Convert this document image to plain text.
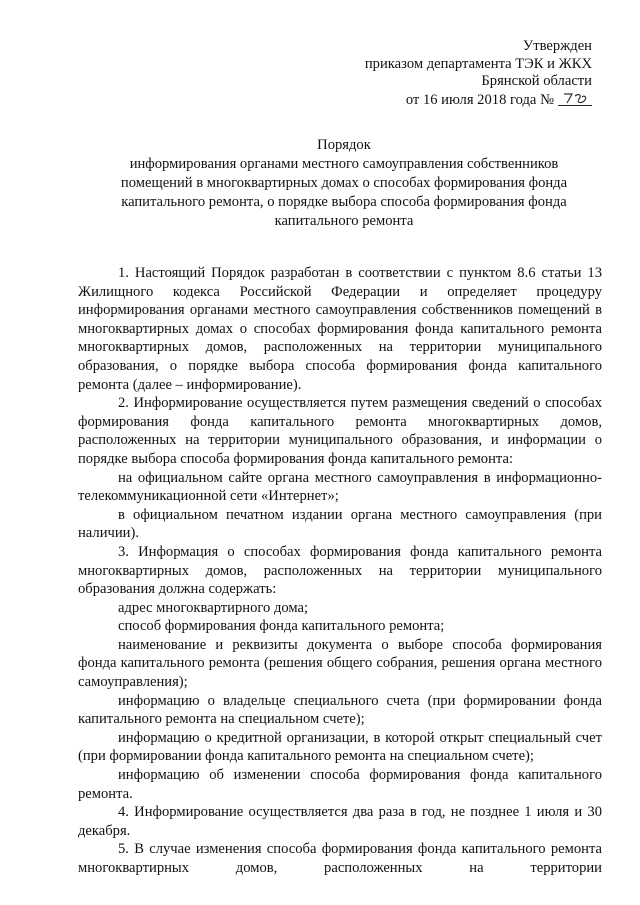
Утвержден
приказом департамента ТЭК и ЖКХ
Брянской области
от 16 июля 2018 года №
Порядок
информирования органами местного самоуправления собственников
помещений в многоквартирных домах о способах формирования фонда
капитального ремонта, о порядке выбора способа формирования фонда
капитального ремонта

1. Настоящий Порядок разработан в соответствии с пунктом 8.6 статьи 13 Жилищного кодекса Российской Федерации и определяет процедуру информирования органами местного самоуправления собственников помещений в многоквартирных домах о способах формирования фонда капитального ремонта многоквартирных домов, расположенных на территории муниципального образования, о порядке выбора способа формирования фонда капитального ремонта (далее – информирование).

2. Информирование осуществляется путем размещения сведений о способах формирования фонда капитального ремонта многоквартирных домов, расположенных на территории муниципального образования, и информации о порядке выбора способа формирования фонда капитального ремонта:

на официальном сайте органа местного самоуправления в информационно-телекоммуникационной сети «Интернет»;

в официальном печатном издании органа местного самоуправления (при наличии).

3. Информация о способах формирования фонда капитального ремонта многоквартирных домов, расположенных на территории муниципального образования должна содержать:

адрес многоквартирного дома;

способ формирования фонда капитального ремонта;

наименование и реквизиты документа о выборе способа формирования фонда капитального ремонта (решения общего собрания, решения органа местного самоуправления);

информацию о владельце специального счета (при формировании фонда капитального ремонта на специальном счете);

информацию о кредитной организации, в которой открыт специальный счет (при формировании фонда капитального ремонта на специальном счете);

информацию об изменении способа формирования фонда капитального ремонта.

4. Информирование осуществляется два раза в год, не позднее 1 июля и 30 декабря.

5. В случае изменения способа формирования фонда капитального ремонта многоквартирных домов, расположенных на территории
